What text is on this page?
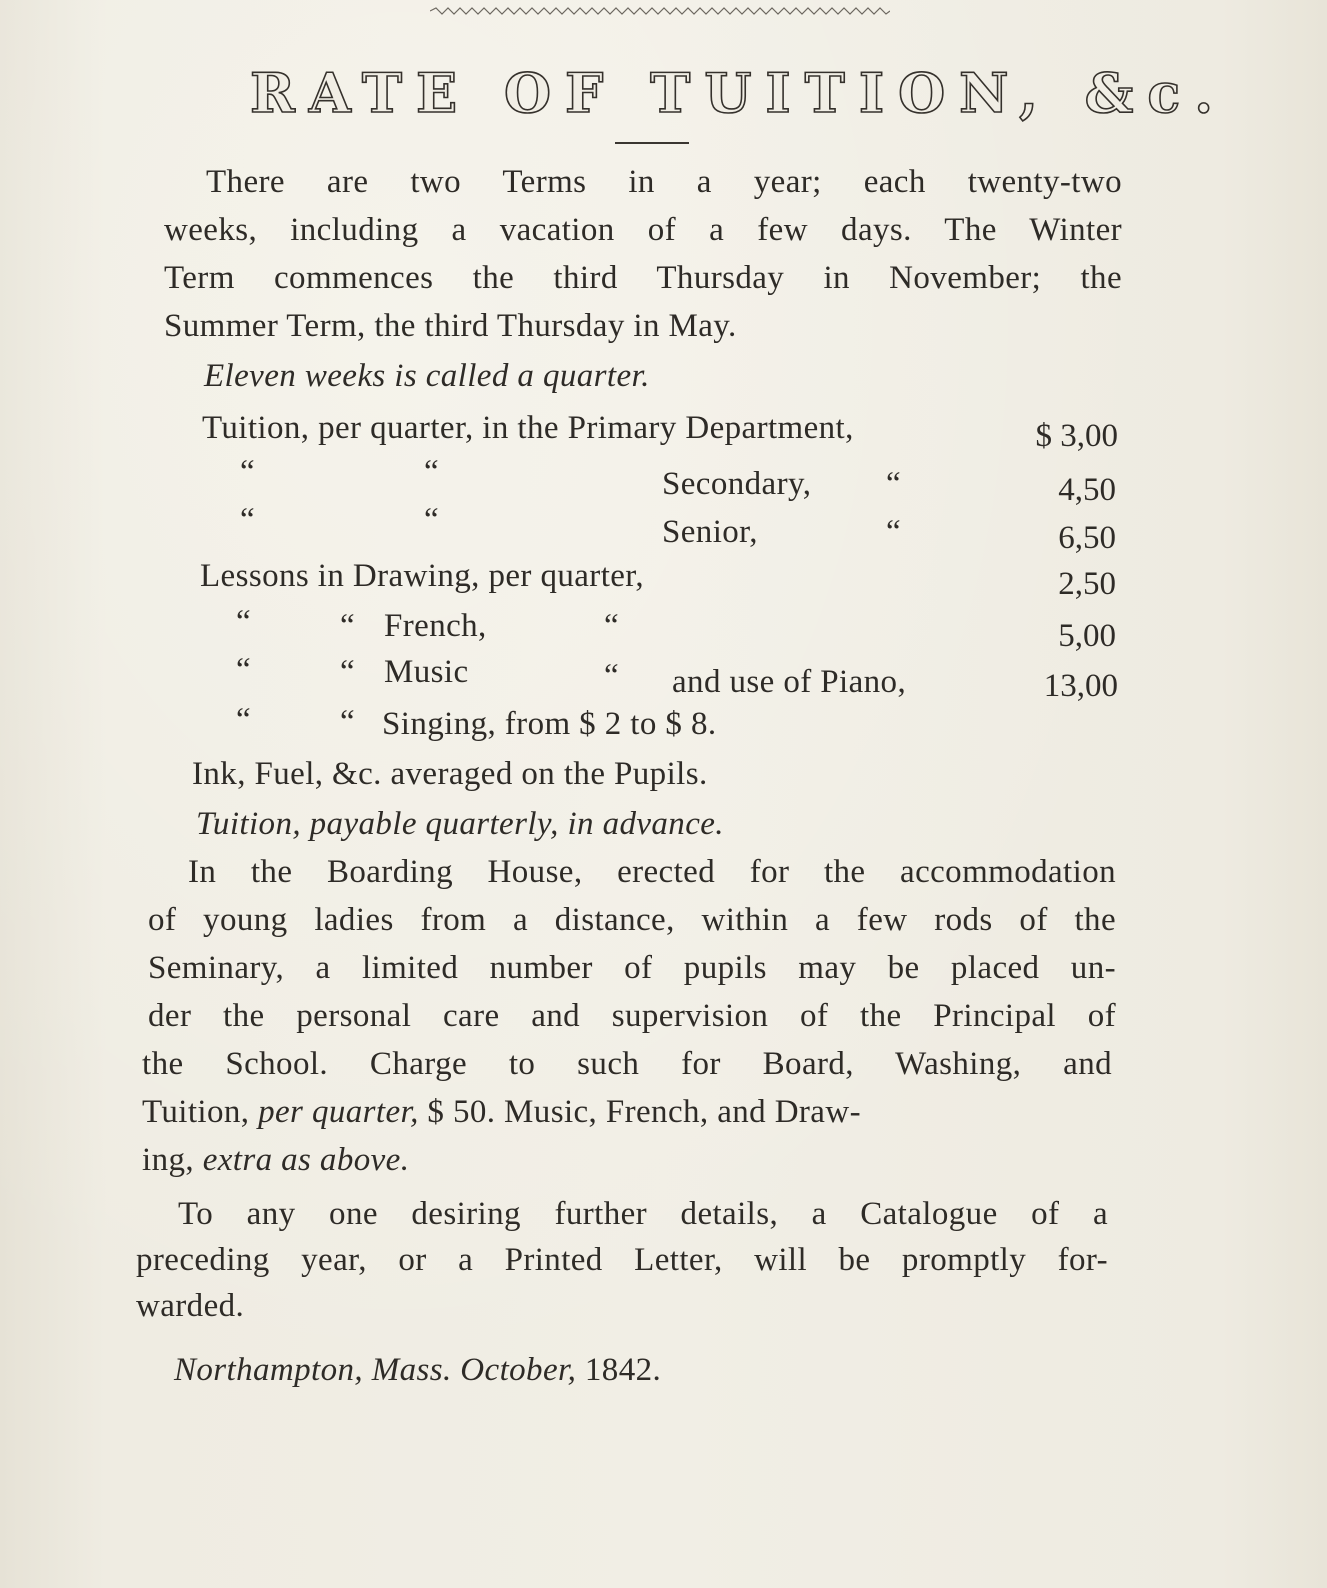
RATE OF TUITION, &c.
There are two Terms in a year; each twenty-two
weeks, including a vacation of a few days. The Winter
Term commences the third Thursday in November; the
Summer Term, the third Thursday in May.
Eleven weeks is called a quarter.
Tuition, per quarter, in the Primary Department,	$ 3,00
“	“	Secondary, “	4,50
“	“	Senior,	“	6,50
Lessons in Drawing, per quarter,	2,50
“	“ French,	“	5,00
“	“ Music	“ and use of Piano,	13,00
“	“ Singing, from $ 2 to $ 8.
Ink, Fuel, &c. averaged on the Pupils.
Tuition, payable quarterly, in advance.
In the Boarding House, erected for the accommodation
of young ladies from a distance, within a few rods of the
Seminary, a limited number of pupils may be placed un-
der the personal care and supervision of the Principal of
the School. Charge to such for Board, Washing, and
Tuition, per quarter, $ 50. Music, French, and Draw-
ing, extra as above.
To any one desiring further details, a Catalogue of a
preceding year, or a Printed Letter, will be promptly for-
warded.
Northampton, Mass. October, 1842.
